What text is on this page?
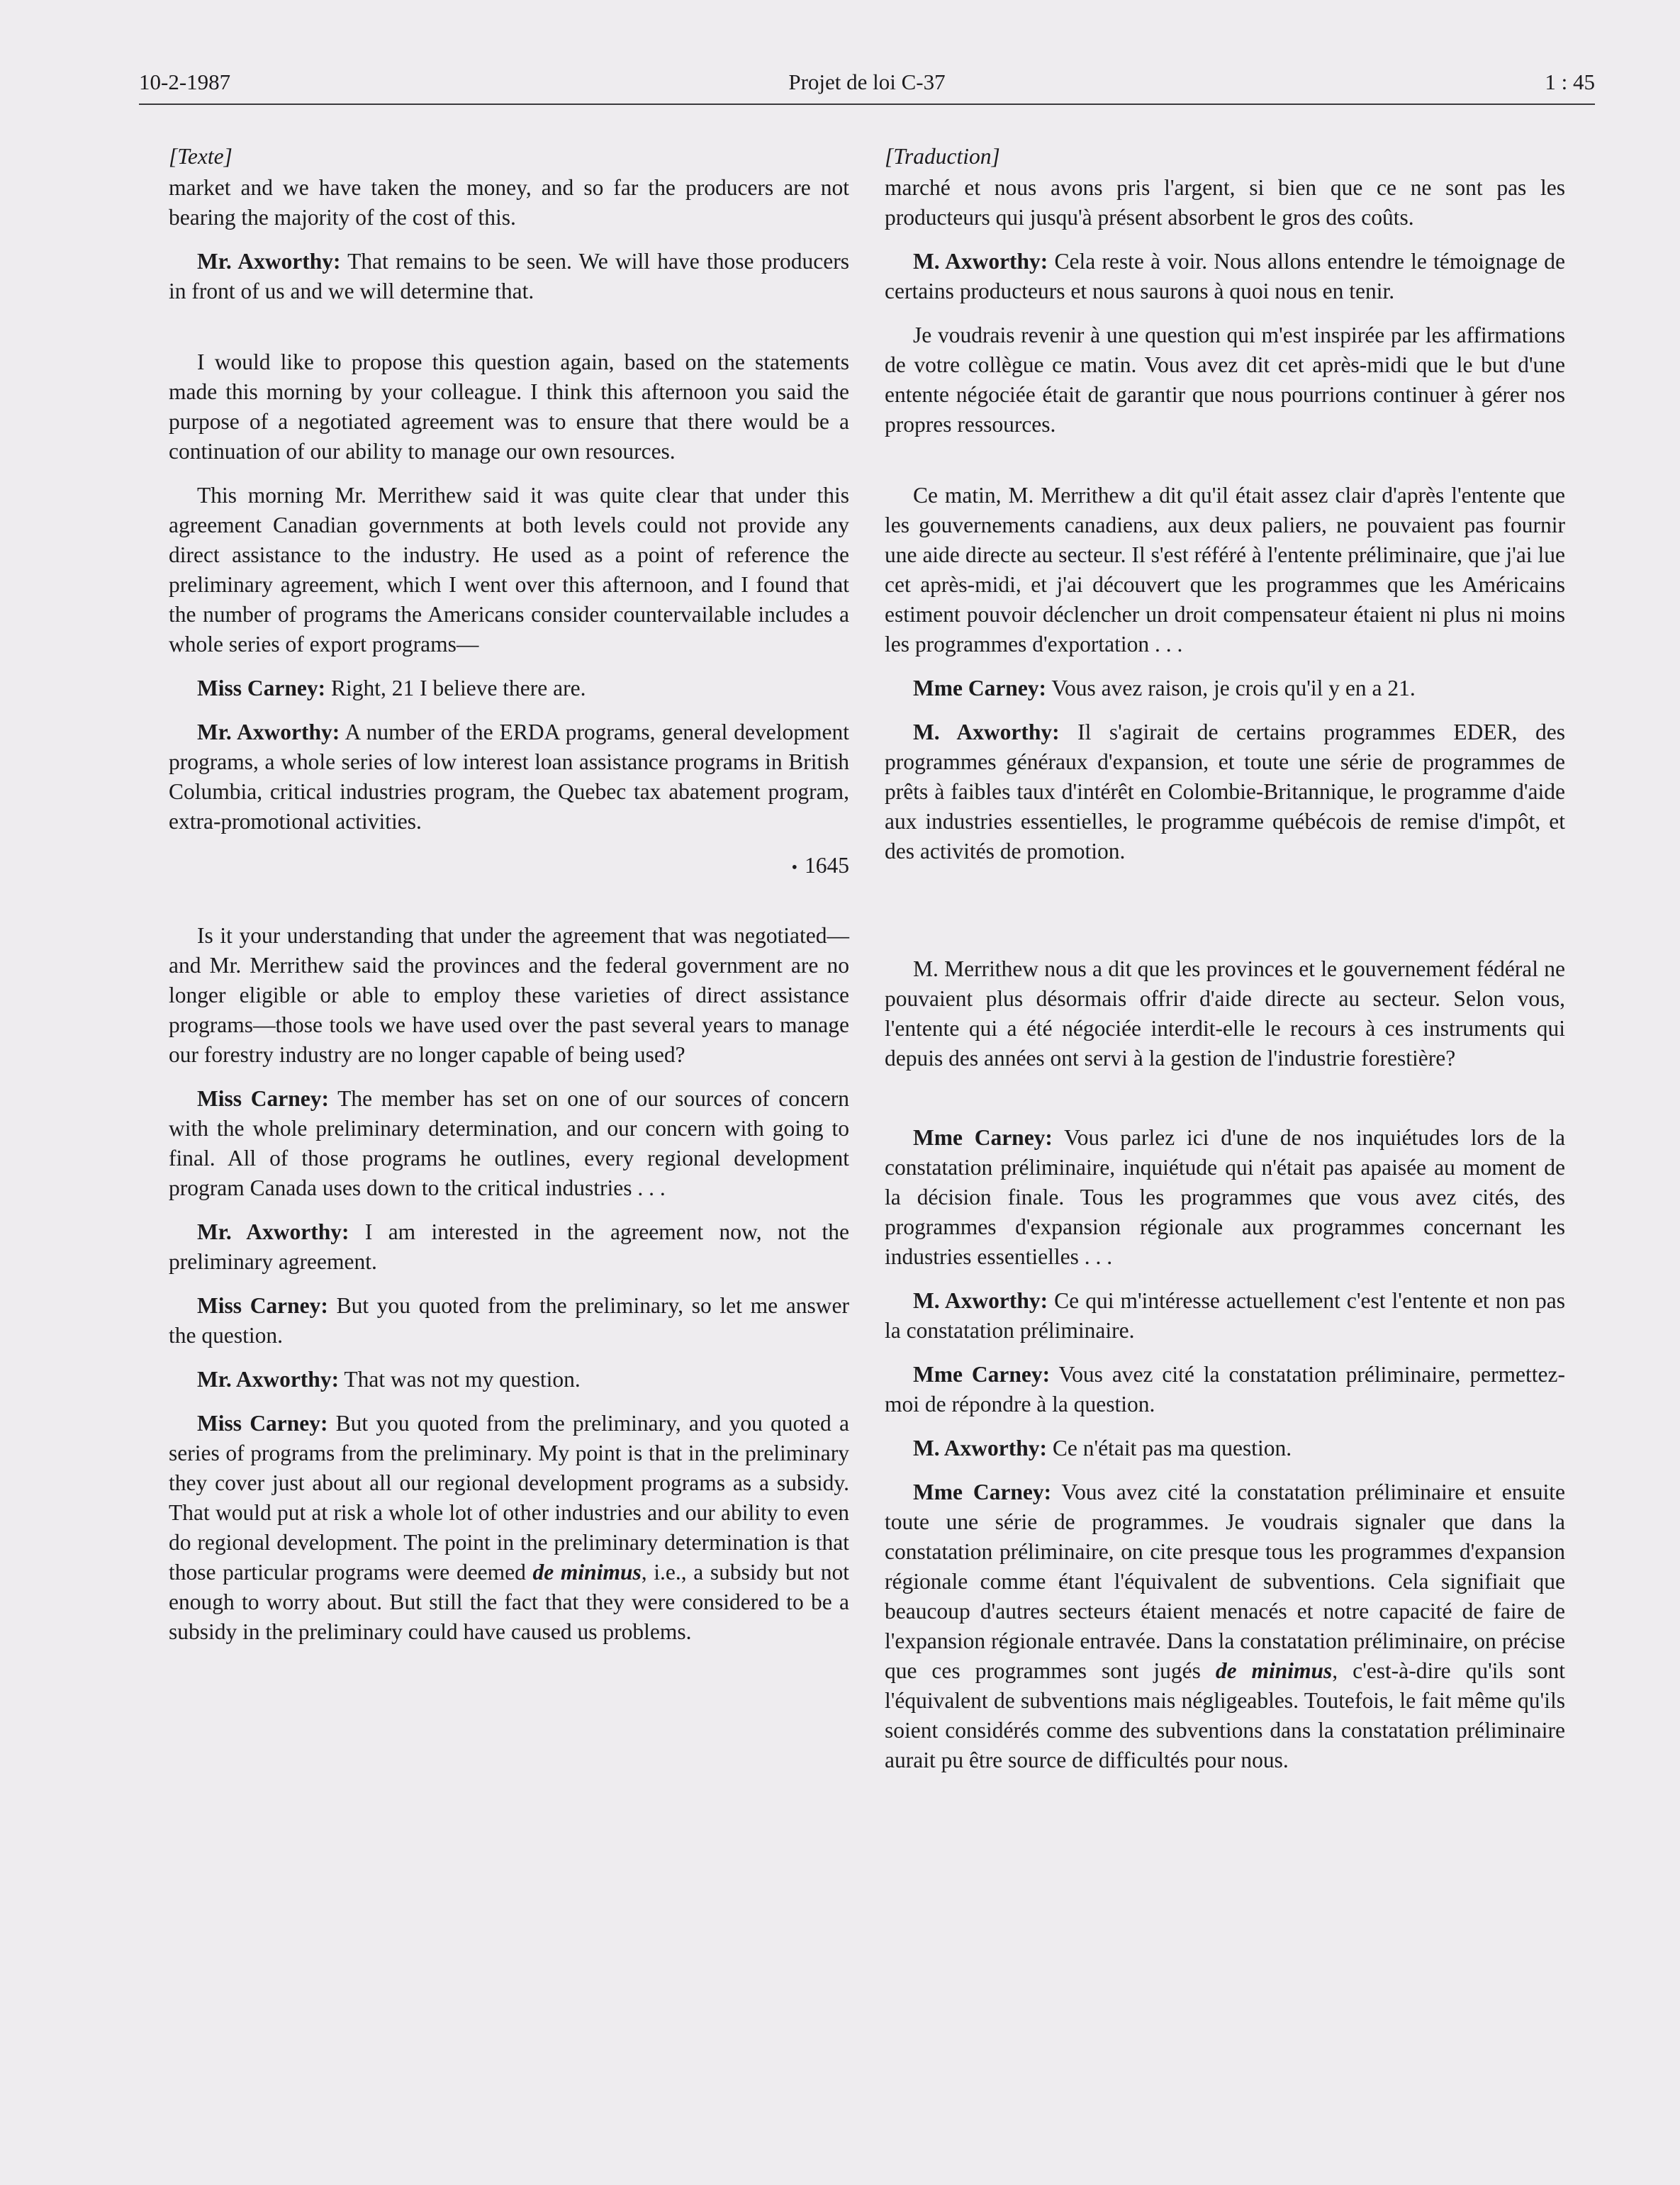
10-2-1987	Projet de loi C-37	1 : 45
[Texte]

market and we have taken the money, and so far the producers are not bearing the majority of the cost of this.

Mr. Axworthy: That remains to be seen. We will have those producers in front of us and we will determine that.

I would like to propose this question again, based on the statements made this morning by your colleague. I think this afternoon you said the purpose of a negotiated agreement was to ensure that there would be a continuation of our ability to manage our own resources.

This morning Mr. Merrithew said it was quite clear that under this agreement Canadian governments at both levels could not provide any direct assistance to the industry. He used as a point of reference the preliminary agreement, which I went over this afternoon, and I found that the number of programs the Americans consider countervailable includes a whole series of export programs—

Miss Carney: Right, 21 I believe there are.

Mr. Axworthy: A number of the ERDA programs, general development programs, a whole series of low interest loan assistance programs in British Columbia, critical industries program, the Quebec tax abatement program, extra-promotional activities.

• 1645

Is it your understanding that under the agreement that was negotiated—and Mr. Merrithew said the provinces and the federal government are no longer eligible or able to employ these varieties of direct assistance programs—those tools we have used over the past several years to manage our forestry industry are no longer capable of being used?

Miss Carney: The member has set on one of our sources of concern with the whole preliminary determination, and our concern with going to final. All of those programs he outlines, every regional development program Canada uses down to the critical industries . . .

Mr. Axworthy: I am interested in the agreement now, not the preliminary agreement.

Miss Carney: But you quoted from the preliminary, so let me answer the question.

Mr. Axworthy: That was not my question.

Miss Carney: But you quoted from the preliminary, and you quoted a series of programs from the preliminary. My point is that in the preliminary they cover just about all our regional development programs as a subsidy. That would put at risk a whole lot of other industries and our ability to even do regional development. The point in the preliminary determination is that those particular programs were deemed de minimus, i.e., a subsidy but not enough to worry about. But still the fact that they were considered to be a subsidy in the preliminary could have caused us problems.

[Traduction]

marché et nous avons pris l'argent, si bien que ce ne sont pas les producteurs qui jusqu'à présent absorbent le gros des coûts.

M. Axworthy: Cela reste à voir. Nous allons entendre le témoignage de certains producteurs et nous saurons à quoi nous en tenir.

Je voudrais revenir à une question qui m'est inspirée par les affirmations de votre collègue ce matin. Vous avez dit cet après-midi que le but d'une entente négociée était de garantir que nous pourrions continuer à gérer nos propres ressources.

Ce matin, M. Merrithew a dit qu'il était assez clair d'après l'entente que les gouvernements canadiens, aux deux paliers, ne pouvaient pas fournir une aide directe au secteur. Il s'est référé à l'entente préliminaire, que j'ai lue cet après-midi, et j'ai découvert que les programmes que les Américains estiment pouvoir déclencher un droit compensateur étaient ni plus ni moins les programmes d'exportation . . .

Mme Carney: Vous avez raison, je crois qu'il y en a 21.

M. Axworthy: Il s'agirait de certains programmes EDER, des programmes généraux d'expansion, et toute une série de programmes de prêts à faibles taux d'intérêt en Colombie-Britannique, le programme d'aide aux industries essentielles, le programme québécois de remise d'impôt, et des activités de promotion.

M. Merrithew nous a dit que les provinces et le gouvernement fédéral ne pouvaient plus désormais offrir d'aide directe au secteur. Selon vous, l'entente qui a été négociée interdit-elle le recours à ces instruments qui depuis des années ont servi à la gestion de l'industrie forestière?

Mme Carney: Vous parlez ici d'une de nos inquiétudes lors de la constatation préliminaire, inquiétude qui n'était pas apaisée au moment de la décision finale. Tous les programmes que vous avez cités, des programmes d'expansion régionale aux programmes concernant les industries essentielles . . .

M. Axworthy: Ce qui m'intéresse actuellement c'est l'entente et non pas la constatation préliminaire.

Mme Carney: Vous avez cité la constatation préliminaire, permettez-moi de répondre à la question.

M. Axworthy: Ce n'était pas ma question.

Mme Carney: Vous avez cité la constatation préliminaire et ensuite toute une série de programmes. Je voudrais signaler que dans la constatation préliminaire, on cite presque tous les programmes d'expansion régionale comme étant l'équivalent de subventions. Cela signifiait que beaucoup d'autres secteurs étaient menacés et notre capacité de faire de l'expansion régionale entravée. Dans la constatation préliminaire, on précise que ces programmes sont jugés de minimus, c'est-à-dire qu'ils sont l'équivalent de subventions mais négligeables. Toutefois, le fait même qu'ils soient considérés comme des subventions dans la constatation préliminaire aurait pu être source de difficultés pour nous.
